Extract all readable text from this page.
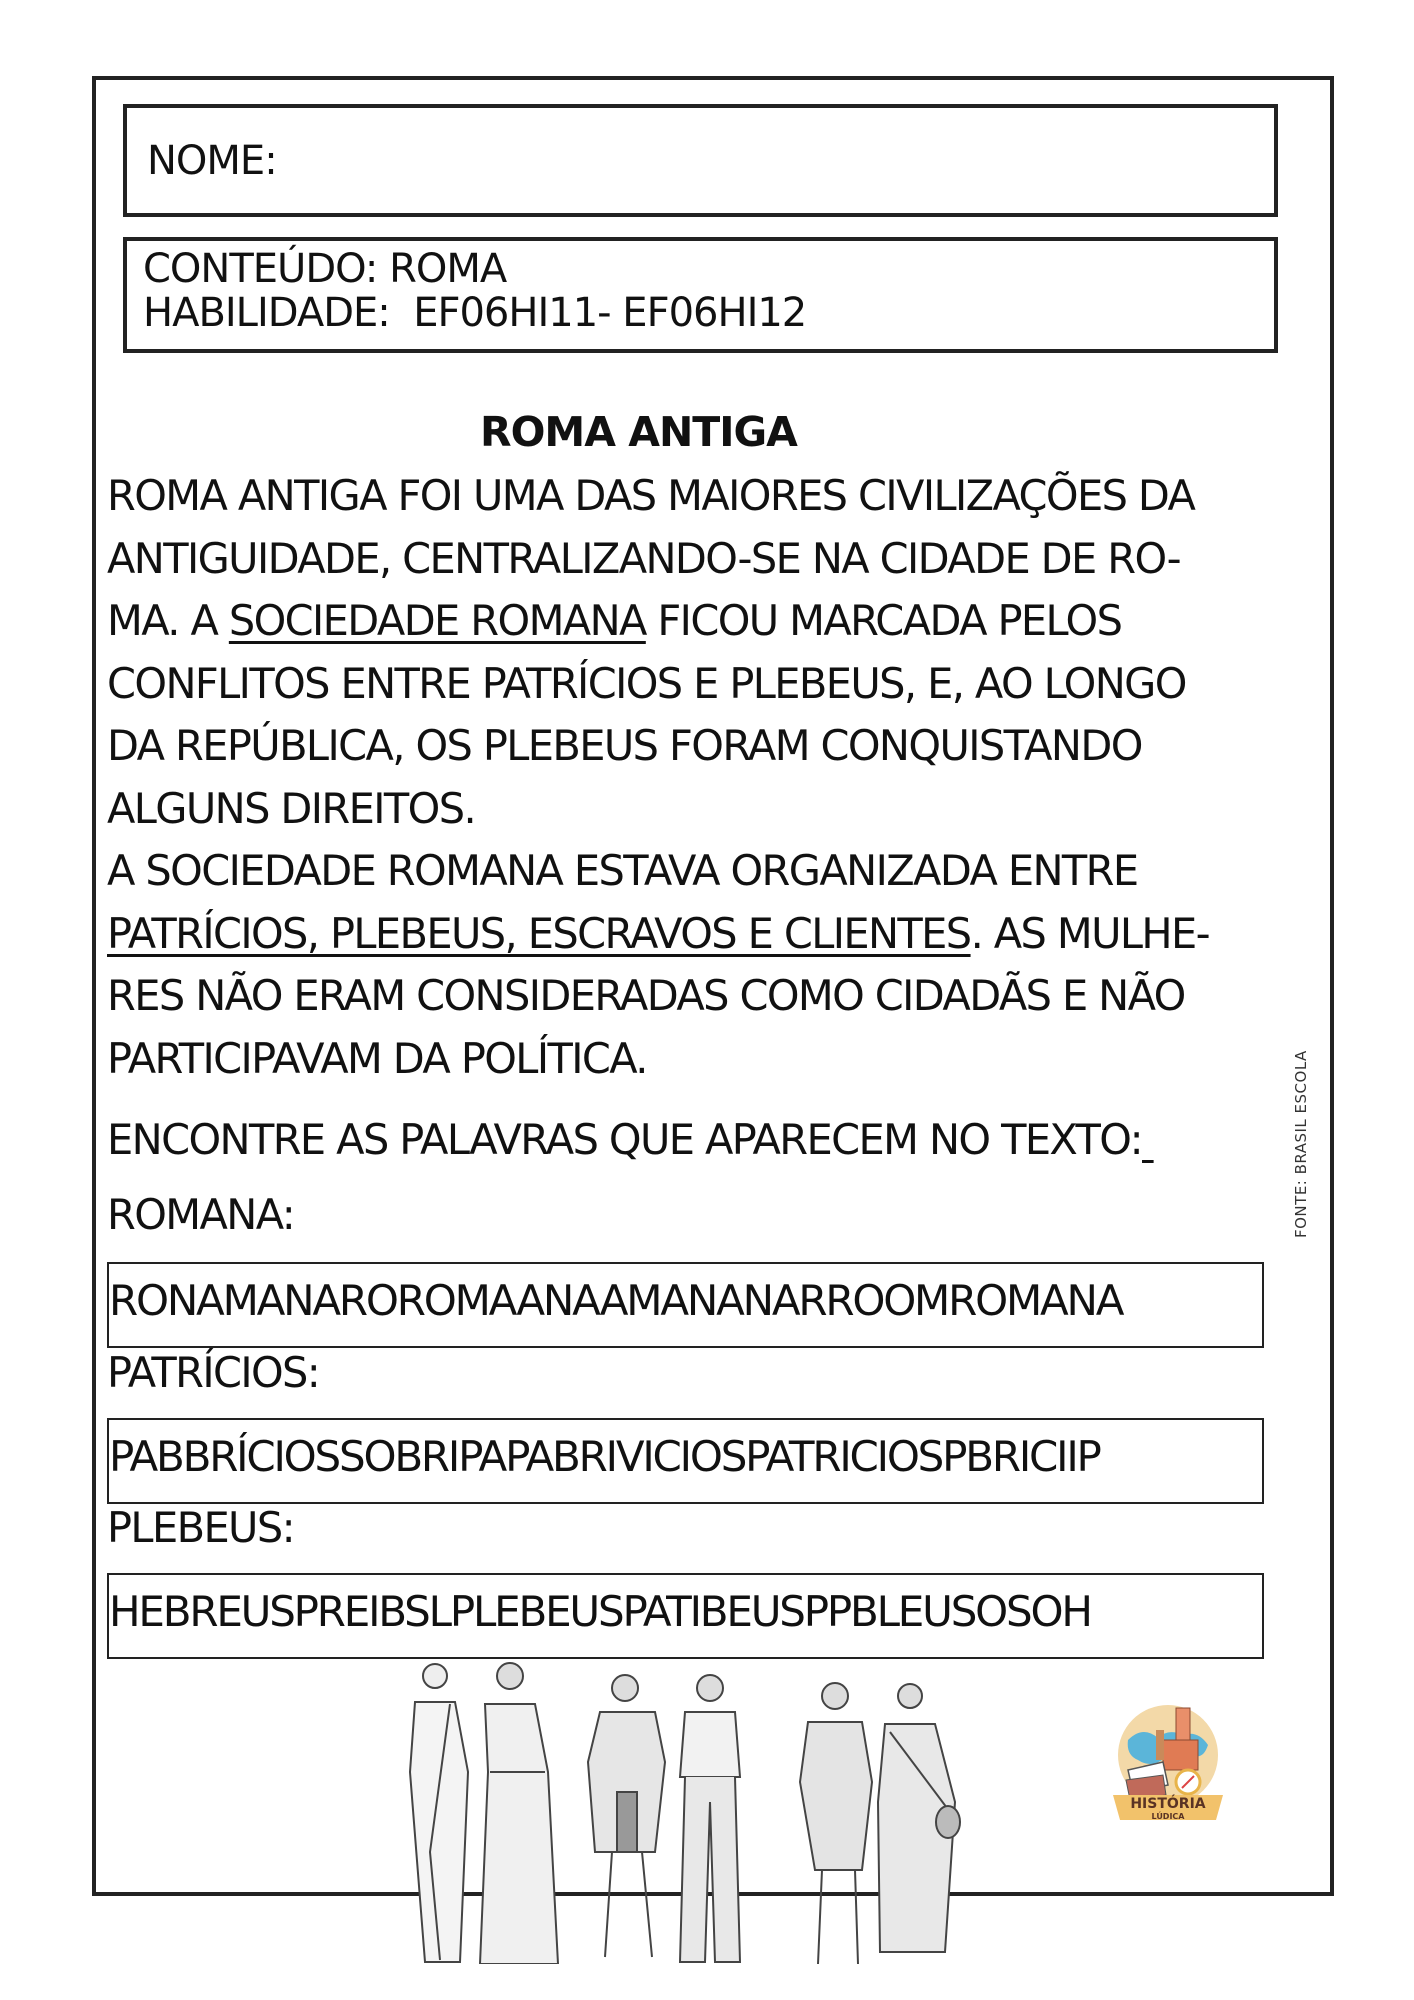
NOME:
CONTEÚDO: ROMA
HABILIDADE:  EF06HI11- EF06HI12
ROMA ANTIGA
ROMA ANTIGA FOI UMA DAS MAIORES CIVILIZAÇÕES DA
ANTIGUIDADE, CENTRALIZANDO-SE NA CIDADE DE RO-
MA. A SOCIEDADE ROMANA FICOU MARCADA PELOS
CONFLITOS ENTRE PATRÍCIOS E PLEBEUS, E, AO LONGO
DA REPÚBLICA, OS PLEBEUS FORAM CONQUISTANDO
ALGUNS DIREITOS.
A SOCIEDADE ROMANA ESTAVA ORGANIZADA ENTRE
PATRÍCIOS, PLEBEUS, ESCRAVOS E CLIENTES. AS MULHE-
RES NÃO ERAM CONSIDERADAS COMO CIDADÃS E NÃO
PARTICIPAVAM DA POLÍTICA.
ENCONTRE AS PALAVRAS QUE APARECEM NO TEXTO:
ROMANA:
RONAMANAROROMAANAAMANANARROOMROMANA
PATRÍCIOS:
PABBRÍCIOSSOBRIPAPABRIVICIOSPATRICIOSPBRICIIP
PLEBEUS:
HEBREUSPREIBSLPLEBEUSPATIBEUSPPBLEUSOSOH
FONTE: BRASIL ESCOLA
HISTÓRIA
LÚDICA
